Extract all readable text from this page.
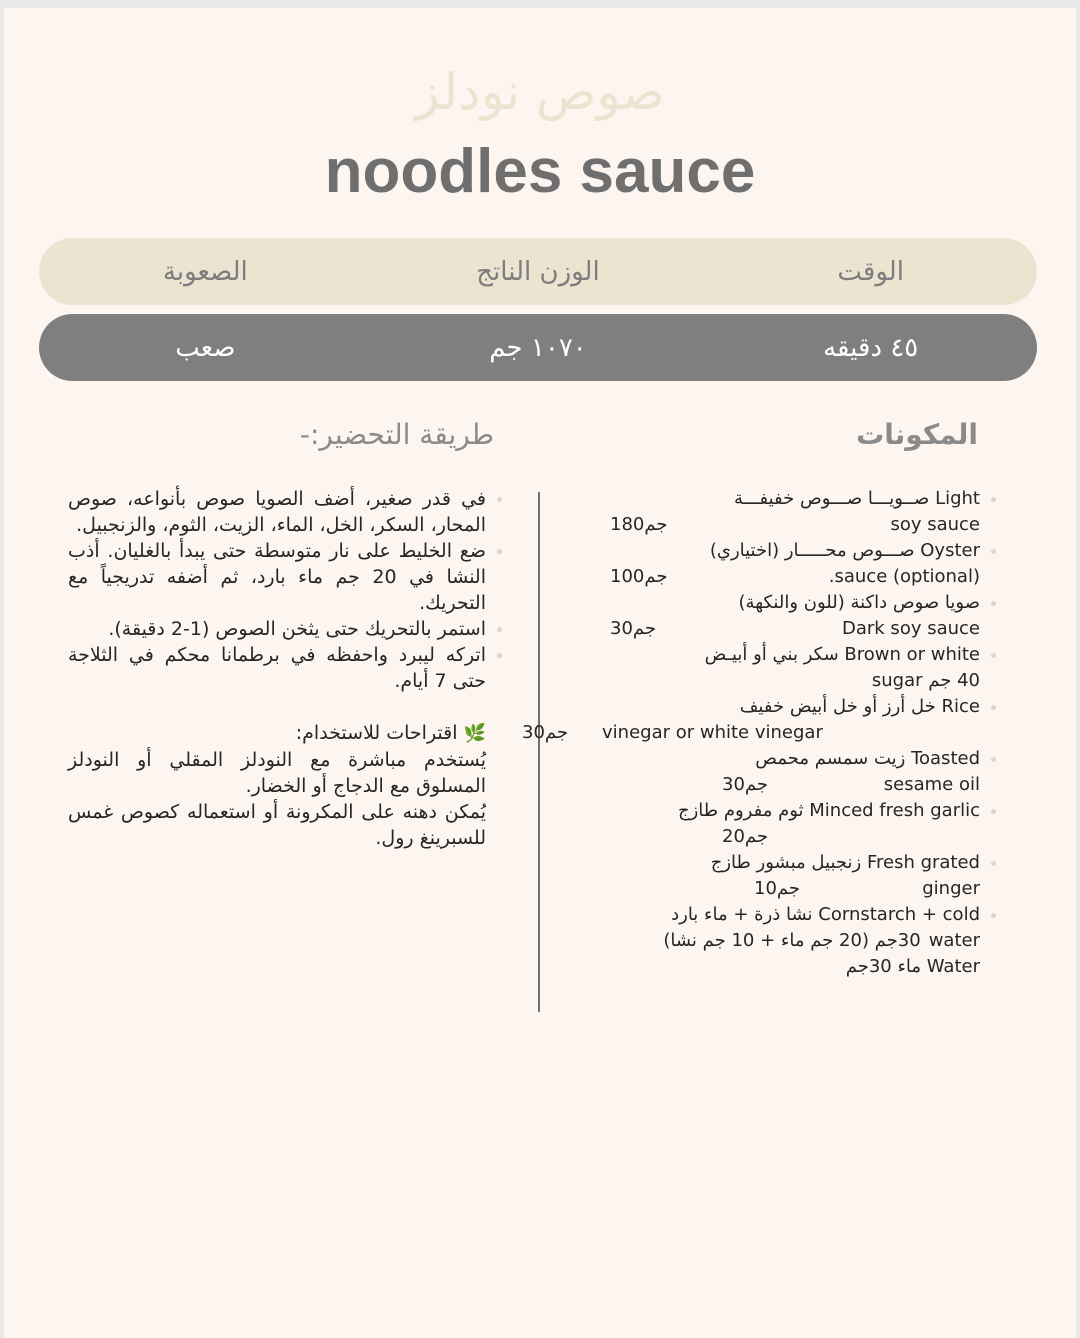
صوص نودلز
noodles sauce
الصعوبة	الوزن الناتج	الوقت
صعب	١٠٧٠ جم	٤٥ دقيقه
المكونات
طريقة التحضير:-
صــويـــا صـــوص خفيفـــة Light
180جم	soy sauce
صـــوص محـــــار (اختياري) Oyster
100جم	.sauce (optional)
صويا صوص داكنة (للون والنكهة)
30جم	Dark soy sauce
سكر بني أو أبيـض Brown or white
40 جم sugar
خل أرز أو خل أبيض خفيف Rice
30جم vinegar or white vinegar
زيت سمسم محمص Toasted
30جم	sesame oil
ثوم مفروم طازج Minced fresh garlic
20جم
زنجبيل مبشور طازج Fresh grated
10جم	ginger
نشا ذرة + ماء بارد Cornstarch + cold
30جم (20 جم ماء + 10 جم نشا) water
ماء 30جم Water
في قدر صغير، أضف الصويا صوص بأنواعه، صوص المحار، السكر، الخل، الماء، الزيت، الثوم، والزنجبيل.
ضع الخليط على نار متوسطة حتى يبدأ بالغليان. أذب النشا في 20 جم ماء بارد، ثم أضفه تدريجياً مع التحريك.
استمر بالتحريك حتى يثخن الصوص (1-2 دقيقة).
اتركه ليبرد واحفظه في برطمانا محكم في الثلاجة حتى 7 أيام.

🌿 اقتراحات للاستخدام:

يُستخدم مباشرة مع النودلز المقلي أو النودلز المسلوق مع الدجاج أو الخضار.

يُمكن دهنه على المكرونة أو استعماله كصوص غمس للسبرينغ رول.
